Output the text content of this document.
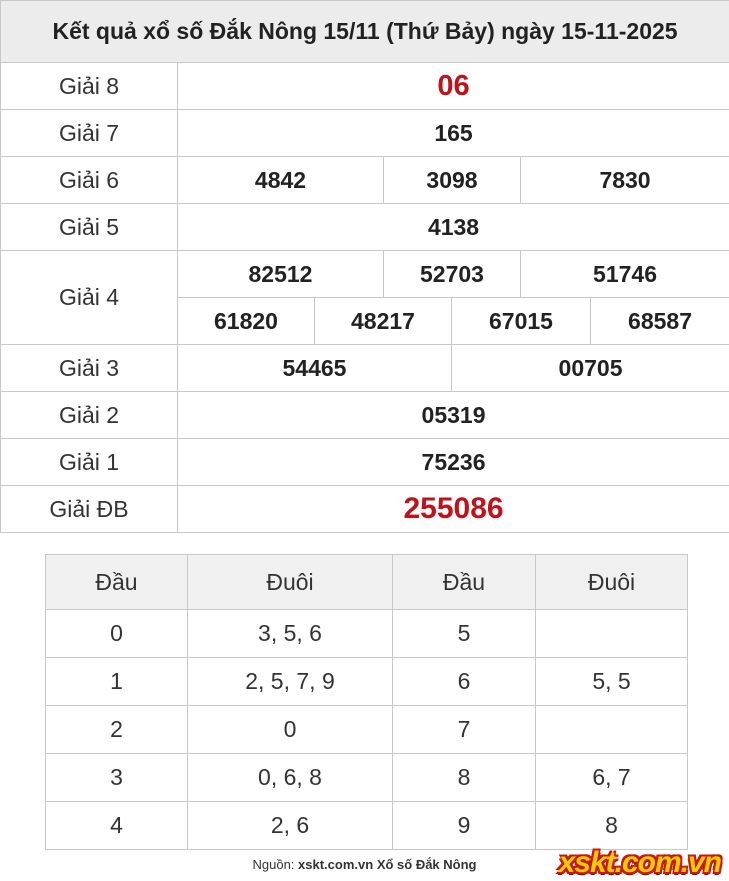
Kết quả xổ số Đắk Nông 15/11 (Thứ Bảy) ngày 15-11-2025						
Giải 8	06					
Giải 7	165					
Giải 6	4842		3098		7830	
Giải 5	4138					
Giải 4	82512		52703		51746	
	61820	48217		67015		68587
Giải 3	54465			00705		
Giải 2	05319					
Giải 1	75236					
Giải ĐB	255086					
Đầu	Đuôi	Đầu	Đuôi
0	3, 5, 6	5	
1	2, 5, 7, 9	6	5, 5
2	0	7	
3	0, 6, 8	8	6, 7
4	2, 6	9	8
Nguồn: xskt.com.vn Xổ số Đắk Nông	xskt.com.vn
